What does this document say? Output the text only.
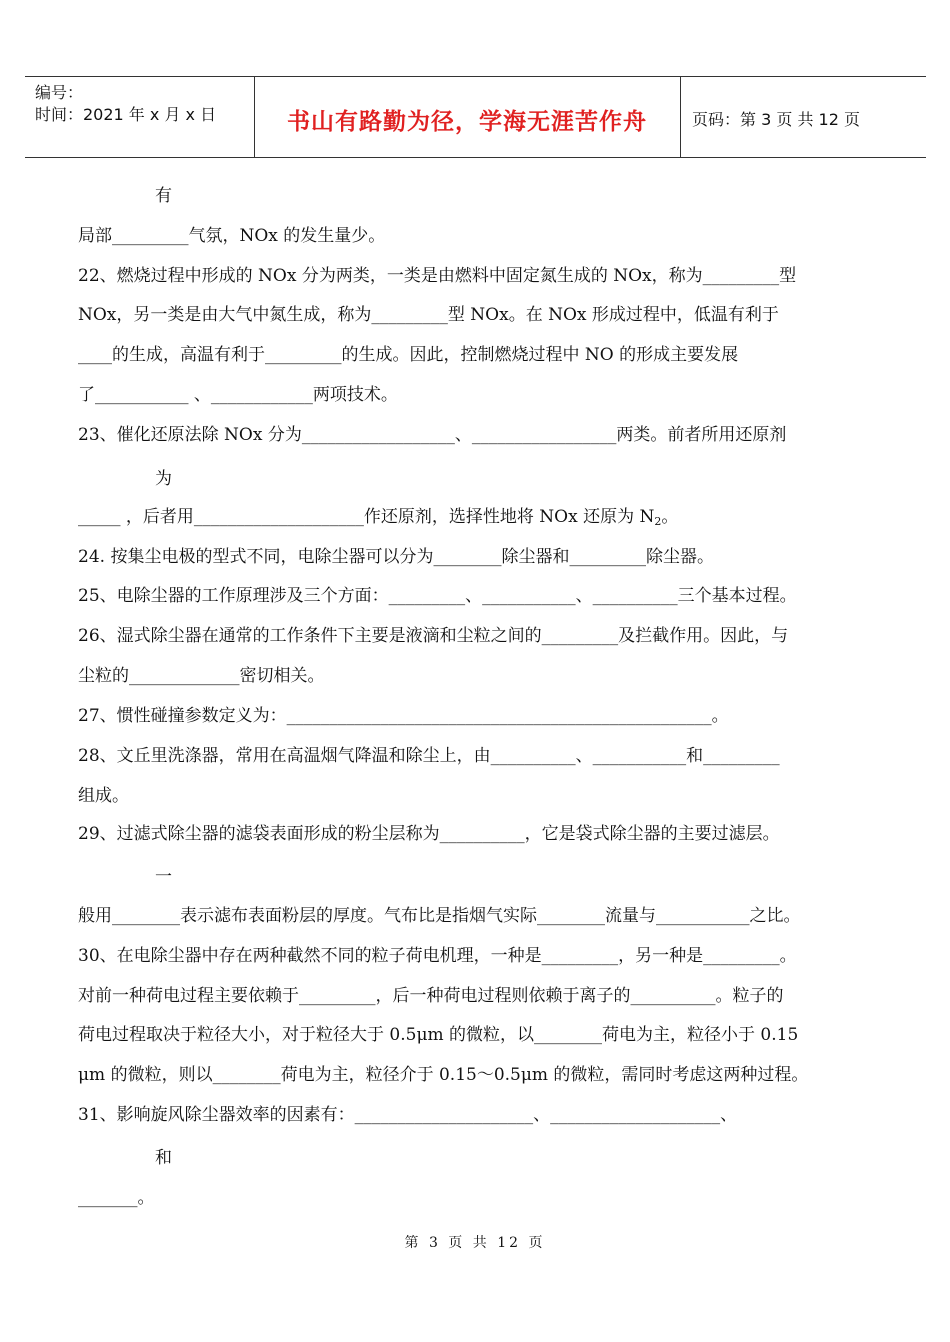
编号：
时间：2021 年 x 月 x 日	书山有路勤为径，学海无涯苦作舟	页码：第 3 页 共 12 页
有
局部_________气氛，NOx 的发生量少。
22、燃烧过程中形成的 NOx 分为两类，一类是由燃料中固定氮生成的 NOx，称为_________型
NOx，另一类是由大气中氮生成，称为_________型 NOx。在 NOx 形成过程中，低温有利于
____的生成，高温有利于_________的生成。因此，控制燃烧过程中 NO 的形成主要发展
了___________ 、____________两项技术。
23、催化还原法除 NOx 分为__________________、_________________两类。前者所用还原剂
为
_____ ，后者用____________________作还原剂，选择性地将 NOx 还原为 $N_2$。
24. 按集尘电极的型式不同，电除尘器可以分为________除尘器和_________除尘器。
25、电除尘器的工作原理涉及三个方面：_________、___________、__________三个基本过程。
26、湿式除尘器在通常的工作条件下主要是液滴和尘粒之间的_________及拦截作用。因此，与
尘粒的_____________密切相关。
27、惯性碰撞参数定义为：__________________________________________________。
28、文丘里洗涤器，常用在高温烟气降温和除尘上，由__________、___________和_________
组成。
29、过滤式除尘器的滤袋表面形成的粉尘层称为__________，它是袋式除尘器的主要过滤层。
一
般用________表示滤布表面粉层的厚度。气布比是指烟气实际________流量与___________之比。
30、在电除尘器中存在两种截然不同的粒子荷电机理，一种是_________，另一种是_________。
对前一种荷电过程主要依赖于_________，后一种荷电过程则依赖于离子的__________。粒子的
荷电过程取决于粒径大小，对于粒径大于 0.5μm 的微粒，以________荷电为主，粒径小于 0.15
μm 的微粒，则以________荷电为主，粒径介于 0.15～0.5μm 的微粒，需同时考虑这两种过程。
31、影响旋风除尘器效率的因素有：_____________________、____________________、
和
_______。
第 3 页 共 12 页
